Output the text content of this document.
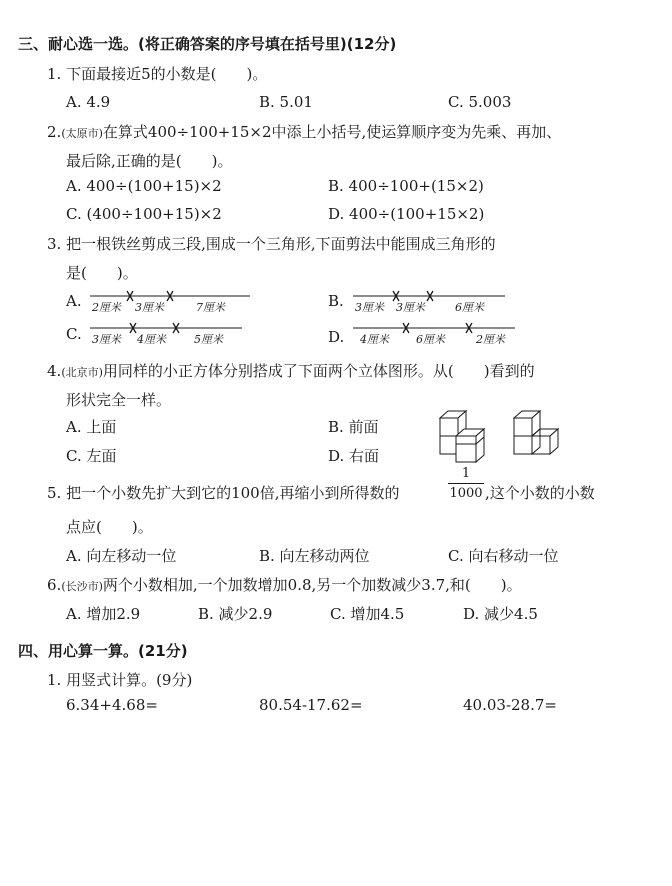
三、耐心选一选。(将正确答案的序号填在括号里)(12分)
1. 下面最接近5的小数是(　　)。
A. 4.9	B. 5.01	C. 5.003
2.(太原市)在算式400÷100+15×2中添上小括号,使运算顺序变为先乘、再加、
最后除,正确的是(　　)。
A. 400÷(100+15)×2	B. 400÷100+(15×2)
C. (400÷100+15)×2	D. 400÷(100+15×2)
3. 把一根铁丝剪成三段,围成一个三角形,下面剪法中能围成三角形的
是(　　)。
A. 2厘米 3厘米	7厘米	B. 3厘米 3厘米	6厘米
C. 3厘米 4厘米	5厘米	D. 4厘米 6厘米	2厘米
4.(北京市)用同样的小正方体分别搭成了下面两个立体图形。从(　　)看到的
形状完全一样。
A. 上面	B. 前面
C. 左面	D. 右面
5. 把一个小数先扩大到它的100倍,再缩小到所得数的
1
1000 ,这个小数的小数
点应(　　)。
A. 向左移动一位	B. 向左移动两位	C. 向右移动一位
6.(长沙市)两个小数相加,一个加数增加0.8,另一个加数减少3.7,和(　　)。
A. 增加2.9	B. 减少2.9	C. 增加4.5	D. 减少4.5
四、用心算一算。(21分)
1. 用竖式计算。(9分)
6.34+4.68=	80.54-17.62=	40.03-28.7=
